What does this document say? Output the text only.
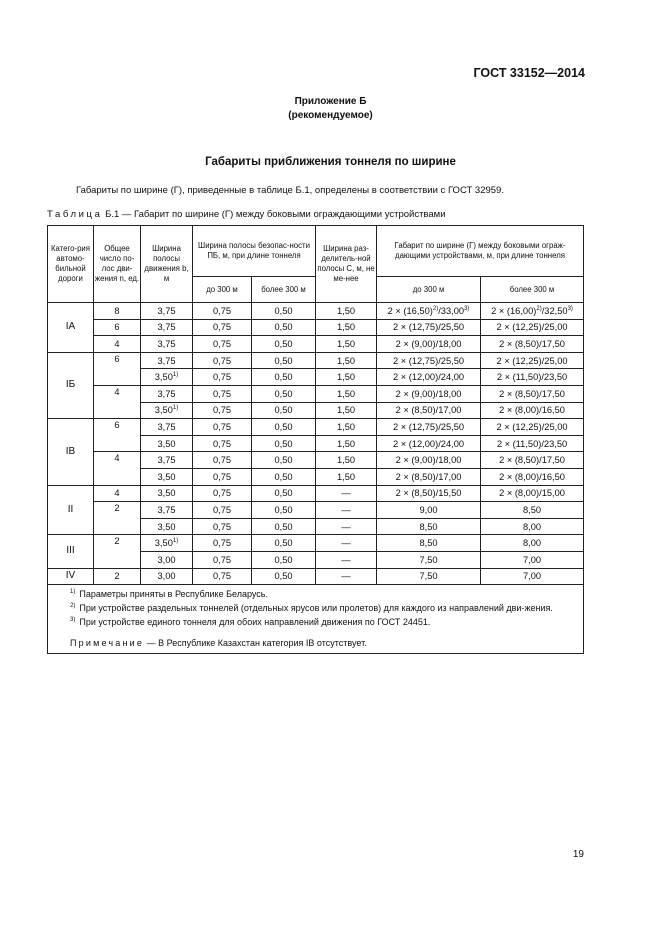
ГОСТ 33152—2014
Приложение Б
(рекомендуемое)
Габариты приближения тоннеля по ширине
Габариты по ширине (Г), приведенные в таблице Б.1, определены в соответствии с ГОСТ 32959.
Таблица Б.1 — Габарит по ширине (Г) между боковыми ограждающими устройствами
Катего-рия автомо-бильной дороги	Общее число по-лос дви-жения n, ед.	Ширина полосы движения b, м	Ширина полосы безопас-ности ПБ, м, при длине тоннеля		Ширина раз-делитель-ной полосы С, м, не ме-нее	Габарит по ширине (Г) между боковыми ограж-дающими устройствами, м, при длине тоннеля	
			до 300 м	более 300 м		до 300 м	более 300 м
IA	8	3,75	0,75	0,50	1,50	$2 \times (16,50)^{2)}/33,00^{3)}$	$2 \times (16,00)^{2)}/32,50^{3)}$
	6	3,75	0,75	0,50	1,50	2 × (12,75)/25,50	2 × (12,25)/25,00
	4	3,75	0,75	0,50	1,50	2 × (9,00)/18,00	2 × (8,50)/17,50
IБ	6	3,75	0,75	0,50	1,50	2 × (12,75)/25,50	2 × (12,25)/25,00
		3,50$^{1)}$	0,75	0,50	1,50	2 × (12,00)/24,00	2 × (11,50)/23,50
	4	3,75	0,75	0,50	1,50	2 × (9,00)/18,00	2 × (8,50)/17,50
		3,50$^{1)}$	0,75	0,50	1,50	2 × (8,50)/17,00	2 × (8,00)/16,50
IB	6	3,75	0,75	0,50	1,50	2 × (12,75)/25,50	2 × (12,25)/25,00
		3,50	0,75	0,50	1,50	2 × (12,00)/24,00	2 × (11,50)/23,50
	4	3,75	0,75	0,50	1,50	2 × (9,00)/18,00	2 × (8,50)/17,50
		3,50	0,75	0,50	1,50	2 × (8,50)/17,00	2 × (8,00)/16,50
II	4	3,50	0,75	0,50	—	2 × (8,50)/15,50	2 × (8,00)/15,00
	2	3,75	0,75	0,50	—	9,00	8,50
		3,50	0,75	0,50	—	8,50	8,00
III	2	3,50$^{1)}$	0,75	0,50	—	8,50	8,00
		3,00	0,75	0,50	—	7,50	7,00
IV	2	3,00	0,75	0,50	—	7,50	7,00

$^{1)}$ Параметры приняты в Республике Беларусь.
$^{2)}$ При устройстве раздельных тоннелей (отдельных ярусов или пролетов) для каждого из направлений дви-жения.
$^{3)}$ При устройстве единого тоннеля для обоих направлений движения по ГОСТ 24451.
Примечание — В Республике Казахстан категория IB отсутствует.							
19
